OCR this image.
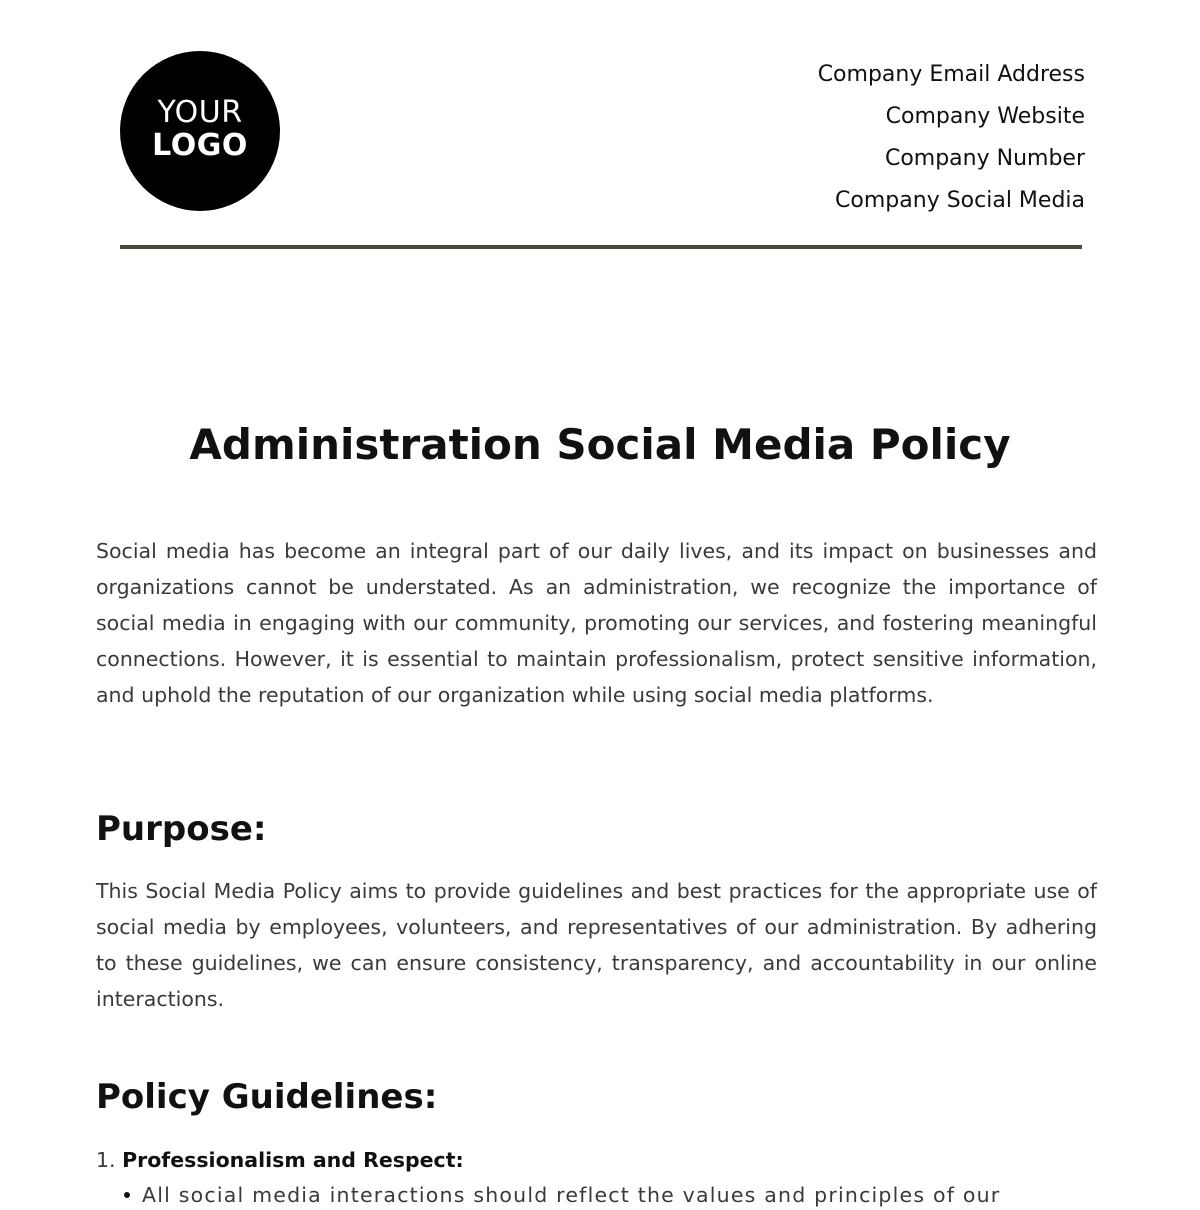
YOUR
LOGO
Company Email Address
Company Website
Company Number
Company Social Media
Administration Social Media Policy

Social media has become an integral part of our daily lives, and its impact on businesses and organizations cannot be understated. As an administration, we recognize the importance of social media in engaging with our community, promoting our services, and fostering meaningful connections. However, it is essential to maintain professionalism, protect sensitive information, and uphold the reputation of our organization while using social media platforms.

Purpose:

This Social Media Policy aims to provide guidelines and best practices for the appropriate use of social media by employees, volunteers, and representatives of our administration. By adhering to these guidelines, we can ensure consistency, transparency, and accountability in our online interactions.

Policy Guidelines:
1. Professionalism and Respect:
All social media interactions should reflect the values and principles of our
